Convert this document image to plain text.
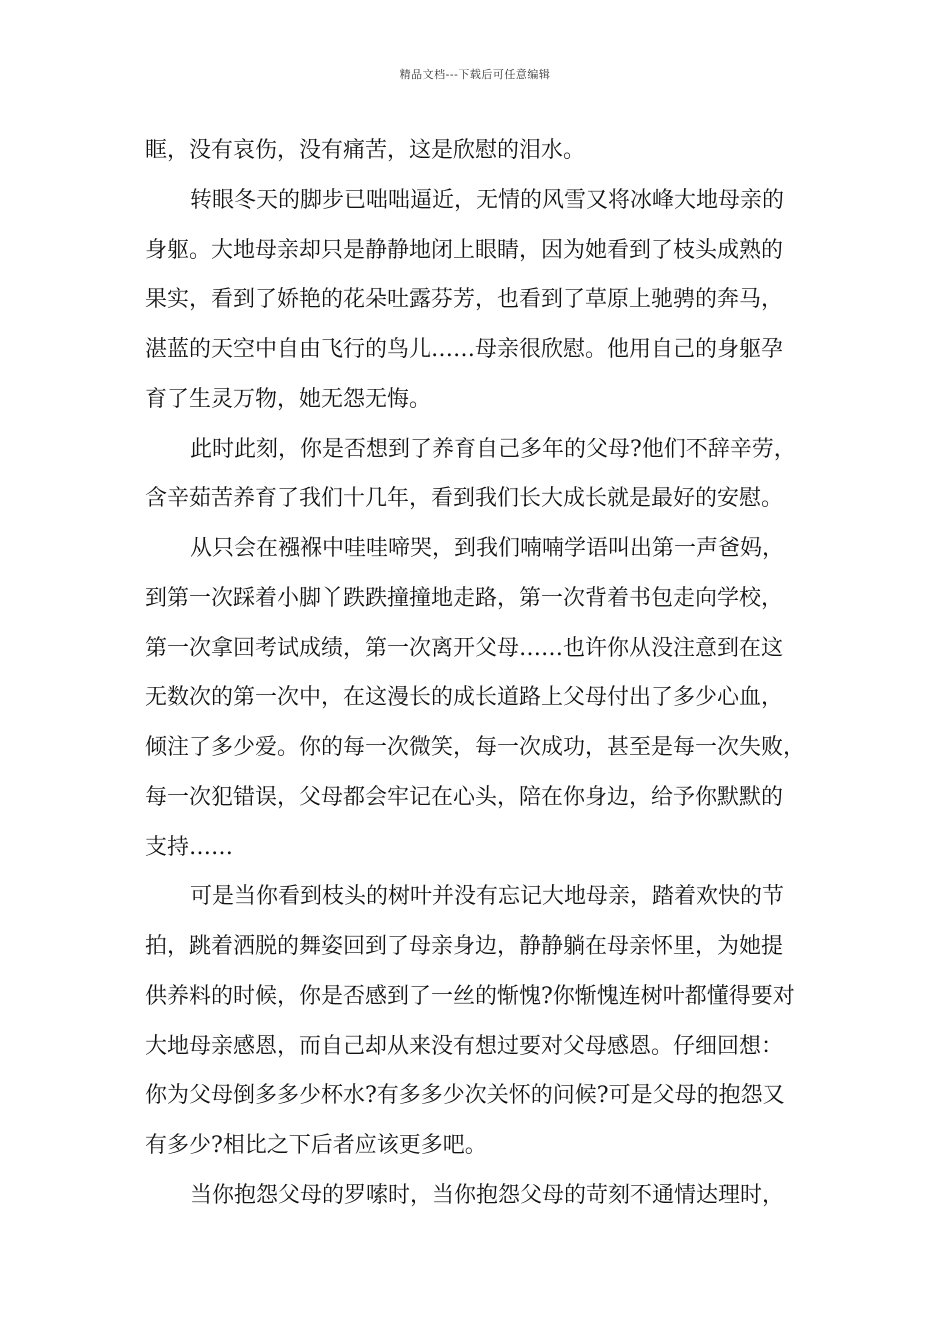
精品文档---下载后可任意编辑
眶，没有哀伤，没有痛苦，这是欣慰的泪水。
转眼冬天的脚步已咄咄逼近，无情的风雪又将冰峰大地母亲的
身躯。大地母亲却只是静静地闭上眼睛，因为她看到了枝头成熟的
果实，看到了娇艳的花朵吐露芬芳，也看到了草原上驰骋的奔马，
湛蓝的天空中自由飞行的鸟儿……母亲很欣慰。他用自己的身躯孕
育了生灵万物，她无怨无悔。
此时此刻，你是否想到了养育自己多年的父母?他们不辞辛劳，
含辛茹苦养育了我们十几年，看到我们长大成长就是最好的安慰。
从只会在襁褓中哇哇啼哭，到我们喃喃学语叫出第一声爸妈，
到第一次踩着小脚丫跌跌撞撞地走路，第一次背着书包走向学校，
第一次拿回考试成绩，第一次离开父母……也许你从没注意到在这
无数次的第一次中，在这漫长的成长道路上父母付出了多少心血，
倾注了多少爱。你的每一次微笑，每一次成功，甚至是每一次失败，
每一次犯错误，父母都会牢记在心头，陪在你身边，给予你默默的
支持……
可是当你看到枝头的树叶并没有忘记大地母亲，踏着欢快的节
拍，跳着洒脱的舞姿回到了母亲身边，静静躺在母亲怀里，为她提
供养料的时候，你是否感到了一丝的惭愧?你惭愧连树叶都懂得要对
大地母亲感恩，而自己却从来没有想过要对父母感恩。仔细回想：
你为父母倒多多少杯水?有多多少次关怀的问候?可是父母的抱怨又
有多少?相比之下后者应该更多吧。
当你抱怨父母的罗嗦时，当你抱怨父母的苛刻不通情达理时，
